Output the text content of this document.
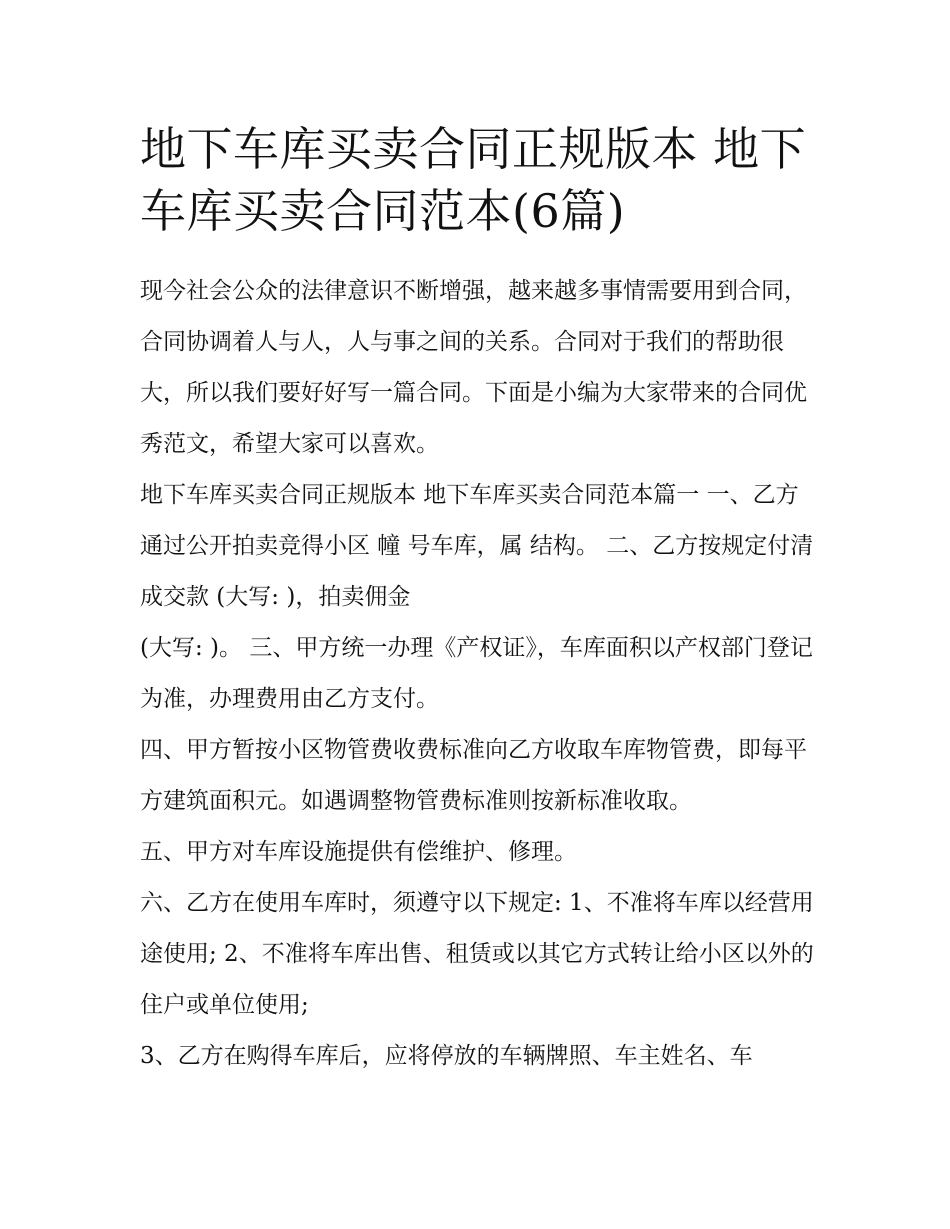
地下车库买卖合同正规版本 地下车库买卖合同范本(6篇)

现今社会公众的法律意识不断增强，越来越多事情需要用到合同，合同协调着人与人，人与事之间的关系。合同对于我们的帮助很大，所以我们要好好写一篇合同。下面是小编为大家带来的合同优秀范文，希望大家可以喜欢。

地下车库买卖合同正规版本 地下车库买卖合同范本篇一 一、乙方通过公开拍卖竞得小区 幢 号车库，属 结构。 二、乙方按规定付清成交款 (大写: )，拍卖佣金

(大写: )。 三、甲方统一办理《产权证》，车库面积以产权部门登记为准，办理费用由乙方支付。

四、甲方暂按小区物管费收费标准向乙方收取车库物管费，即每平方建筑面积元。如遇调整物管费标准则按新标准收取。

五、甲方对车库设施提供有偿维护、修理。

六、乙方在使用车库时，须遵守以下规定: 1、不准将车库以经营用途使用; 2、不准将车库出售、租赁或以其它方式转让给小区以外的住户或单位使用;

3、乙方在购得车库后，应将停放的车辆牌照、车主姓名、车
